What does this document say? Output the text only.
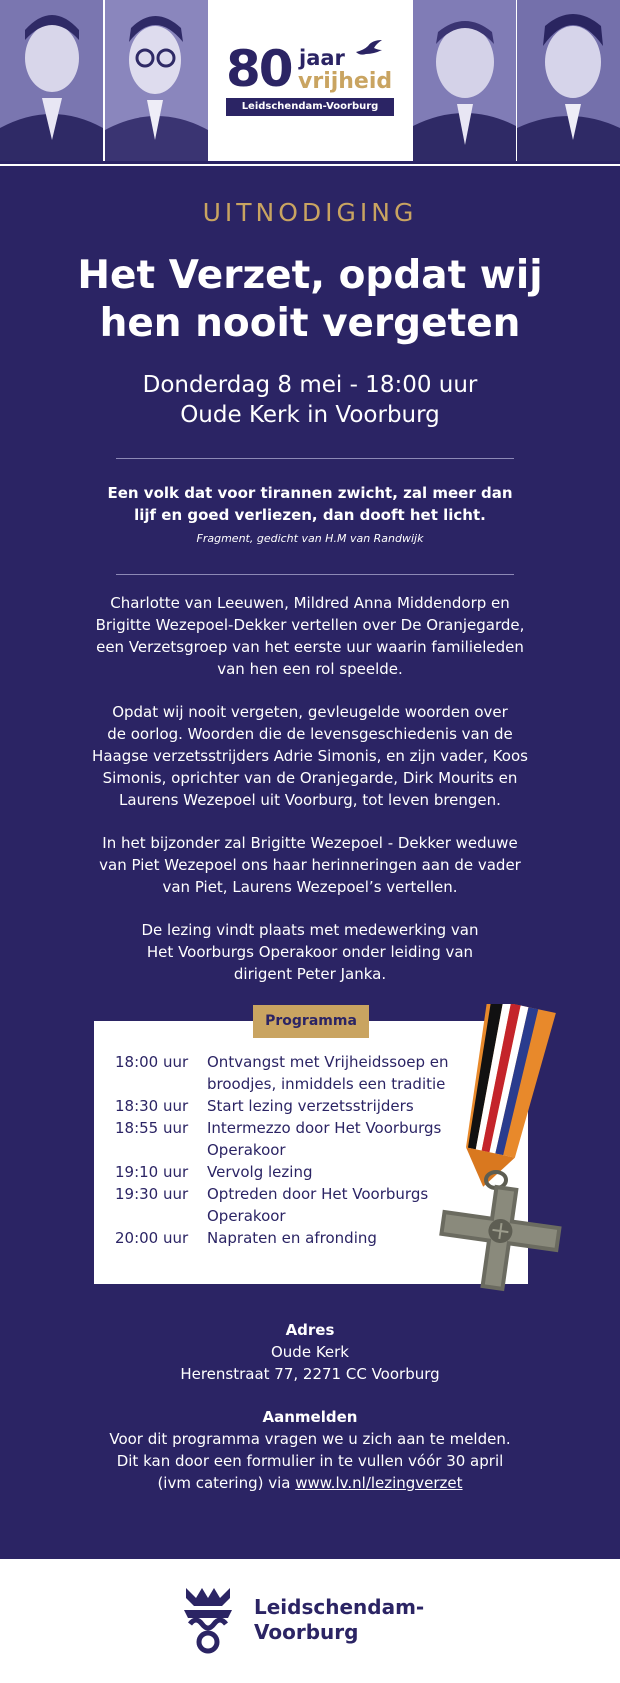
80 jaar
vrijheid
Leidschendam-Voorburg
UITNODIGING
Het Verzet, opdat wij
hen nooit vergeten
Donderdag 8 mei - 18:00 uur
Oude Kerk in Voorburg
Een volk dat voor tirannen zwicht, zal meer dan
lijf en goed verliezen, dan dooft het licht.
Fragment, gedicht van H.M van Randwijk
Charlotte van Leeuwen, Mildred Anna Middendorp en
Brigitte Wezepoel-Dekker vertellen over De Oranjegarde,
een Verzetsgroep van het eerste uur waarin familieleden
van hen een rol speelde.
Opdat wij nooit vergeten, gevleugelde woorden over
de oorlog. Woorden die de levensgeschiedenis van de
Haagse verzetsstrijders Adrie Simonis, en zijn vader, Koos
Simonis, oprichter van de Oranjegarde, Dirk Mourits en
Laurens Wezepoel uit Voorburg, tot leven brengen.
In het bijzonder zal Brigitte Wezepoel - Dekker weduwe
van Piet Wezepoel ons haar herinneringen aan de vader
van Piet, Laurens Wezepoel’s vertellen.
De lezing vindt plaats met medewerking van
Het Voorburgs Operakoor onder leiding van
dirigent Peter Janka.
18:00 uur	Ontvangst met Vrijheidssoep en broodjes, inmiddels een traditie
18:30 uur	Start lezing verzetsstrijders
18:55 uur	Intermezzo door Het Voorburgs Operakoor
19:10 uur	Vervolg lezing
19:30 uur	Optreden door Het Voorburgs Operakoor
20:00 uur	Napraten en afronding
Programma
Adres
Oude Kerk
Herenstraat 77, 2271 CC Voorburg
Aanmelden
Voor dit programma vragen we u zich aan te melden.
Dit kan door een formulier in te vullen vóór 30 april
(ivm catering) via www.lv.nl/lezingverzet
Leidschendam-
Voorburg
